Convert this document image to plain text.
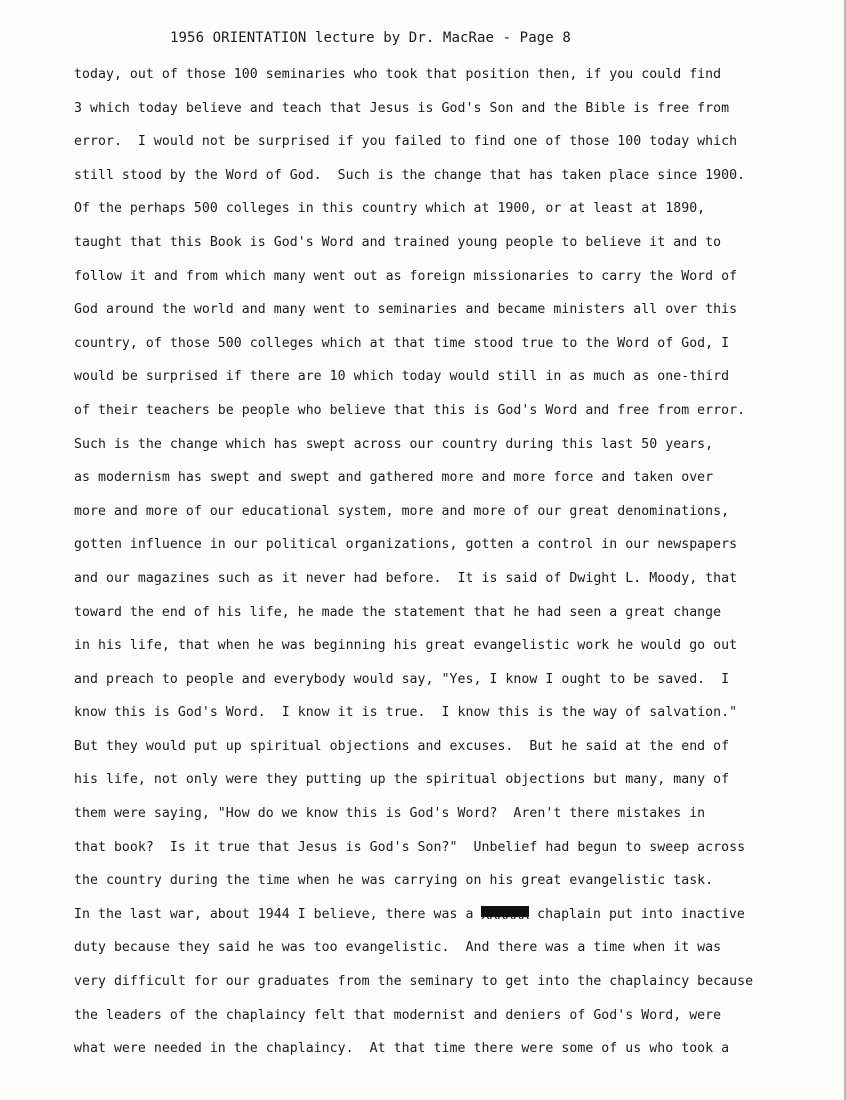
1956 ORIENTATION lecture by Dr. MacRae - Page 8
today, out of those 100 seminaries who took that position then, if you could find
3 which today believe and teach that Jesus is God's Son and the Bible is free from
error.  I would not be surprised if you failed to find one of those 100 today which
still stood by the Word of God.  Such is the change that has taken place since 1900.
Of the perhaps 500 colleges in this country which at 1900, or at least at 1890,
taught that this Book is God's Word and trained young people to believe it and to
follow it and from which many went out as foreign missionaries to carry the Word of
God around the world and many went to seminaries and became ministers all over this
country, of those 500 colleges which at that time stood true to the Word of God, I
would be surprised if there are 10 which today would still in as much as one-third
of their teachers be people who believe that this is God's Word and free from error.
Such is the change which has swept across our country during this last 50 years,
as modernism has swept and swept and gathered more and more force and taken over
more and more of our educational system, more and more of our great denominations,
gotten influence in our political organizations, gotten a control in our newspapers
and our magazines such as it never had before.  It is said of Dwight L. Moody, that
toward the end of his life, he made the statement that he had seen a great change
in his life, that when he was beginning his great evangelistic work he would go out
and preach to people and everybody would say, "Yes, I know I ought to be saved.  I
know this is God's Word.  I know it is true.  I know this is the way of salvation."
But they would put up spiritual objections and excuses.  But he said at the end of
his life, not only were they putting up the spiritual objections but many, many of
them were saying, "How do we know this is God's Word?  Aren't there mistakes in
that book?  Is it true that Jesus is God's Son?"  Unbelief had begun to sweep across
the country during the time when he was carrying on his great evangelistic task.
In the last war, about 1944 I believe, there was a XXXXXX chaplain put into inactive
duty because they said he was too evangelistic.  And there was a time when it was
very difficult for our graduates from the seminary to get into the chaplaincy because
the leaders of the chaplaincy felt that modernist and deniers of God's Word, were
what were needed in the chaplaincy.  At that time there were some of us who took a
